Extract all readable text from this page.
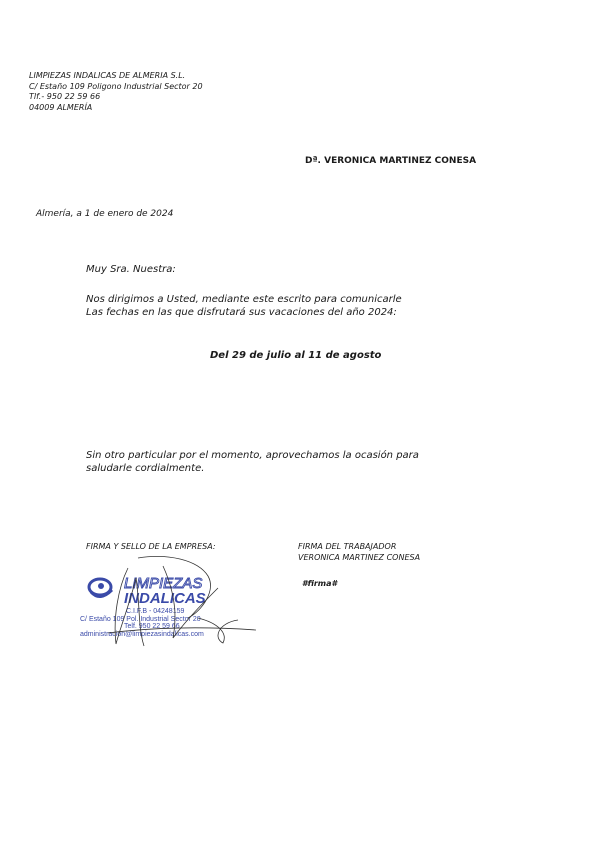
LIMPIEZAS INDALICAS DE ALMERIA S.L.
C/ Estaño 109 Poligono Industrial Sector 20
Tlf.- 950 22 59 66
04009 ALMERÍA
Dª. VERONICA MARTINEZ CONESA
Almería, a 1 de enero de 2024
Muy Sra. Nuestra:
Nos dirigimos a Usted, mediante este escrito para comunicarle
Las fechas en las que disfrutará sus vacaciones del año 2024:
Del 29 de julio al 11 de agosto
Sin otro particular por el momento, aprovechamos la ocasión para
saludarle cordialmente.
FIRMA Y SELLO DE LA EMPRESA:	FIRMA DEL TRABAJADOR
VERONICA MARTINEZ CONESA
#firma#
LIMPIEZAS
INDALICAS
C.I.F.B - 04248159
C/ Estaño 109 Pol. Industrial Sector 20
Telf. 950 22 59 66
administracion@limpiezasindalicas.com
